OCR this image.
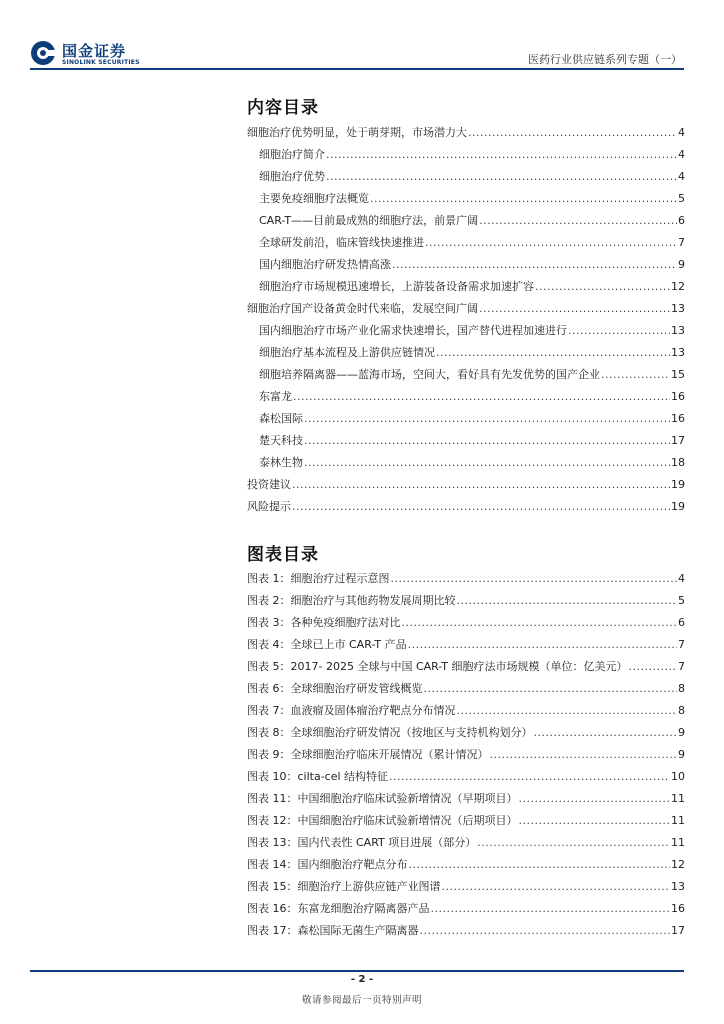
国金证券
SINOLINK SECURITIES	医药行业供应链系列专题（一）
内容目录
细胞治疗优势明显，处于萌芽期，市场潜力大 .....	4
细胞治疗简介 .....	4
细胞治疗优势 .....	4
主要免疫细胞疗法概览 .....	5
CAR-T——目前最成熟的细胞疗法，前景广阔 .....	6
全球研发前沿，临床管线快速推进 .....	7
国内细胞治疗研发热情高涨 .....	9
细胞治疗市场规模迅速增长，上游装备设备需求加速扩容 .....	12
细胞治疗国产设备黄金时代来临，发展空间广阔 .....	13
国内细胞治疗市场产业化需求快速增长，国产替代进程加速进行 .....	13
细胞治疗基本流程及上游供应链情况 .....	13
细胞培养隔离器——蓝海市场，空间大，看好具有先发优势的国产企业 .....	15
东富龙 .....	16
森松国际 .....	16
楚天科技 .....	17
泰林生物 .....	18
投资建议 .....	19
风险提示 .....	19
图表目录
图表 1：细胞治疗过程示意图 .....	4
图表 2：细胞治疗与其他药物发展周期比较 .....	5
图表 3：各种免疫细胞疗法对比 .....	6
图表 4：全球已上市 CAR-T 产品 .....	7
图表 5：2017- 2025 全球与中国 CAR-T 细胞疗法市场规模（单位：亿美元） .....	7
图表 6：全球细胞治疗研发管线概览 .....	8
图表 7：血液瘤及固体瘤治疗靶点分布情况 .....	8
图表 8：全球细胞治疗研发情况（按地区与支持机构划分） .....	9
图表 9：全球细胞治疗临床开展情况（累计情况） .....	9
图表 10：cilta-cel 结构特征 .....	10
图表 11：中国细胞治疗临床试验新增情况（早期项目） .....	11
图表 12：中国细胞治疗临床试验新增情况（后期项目） .....	11
图表 13：国内代表性 CART 项目进展（部分） .....	11
图表 14：国内细胞治疗靶点分布 .....	12
图表 15：细胞治疗上游供应链产业图谱 .....	13
图表 16：东富龙细胞治疗隔离器产品 .....	16
图表 17：森松国际无菌生产隔离器 .....	17
- 2 -
敬请参阅最后一页特别声明
